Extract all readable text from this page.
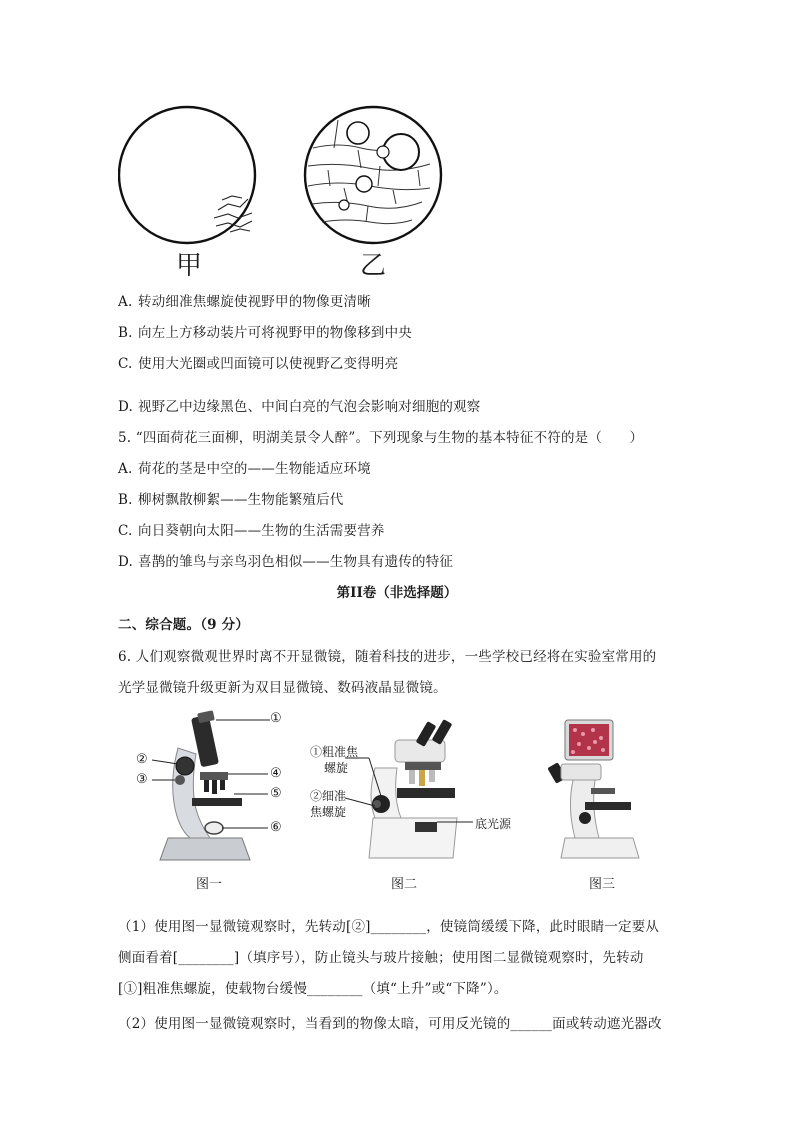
甲	乙
A. 转动细准焦螺旋使视野甲的物像更清晰
B. 向左上方移动装片可将视野甲的物像移到中央
C. 使用大光圈或凹面镜可以使视野乙变得明亮
D. 视野乙中边缘黑色、中间白亮的气泡会影响对细胞的观察
5. “四面荷花三面柳，明湖美景令人醉”。下列现象与生物的基本特征不符的是（　　）
A. 荷花的茎是中空的——生物能适应环境
B. 柳树飘散柳絮——生物能繁殖后代
C. 向日葵朝向太阳——生物的生活需要营养
D. 喜鹊的雏鸟与亲鸟羽色相似——生物具有遗传的特征
第II卷（非选择题）
二、综合题。（9 分）
6. 人们观察微观世界时离不开显微镜，随着科技的进步，一些学校已经将在实验室常用的
光学显微镜升级更新为双目显微镜、数码液晶显微镜。
①
②
③	④
⑤
⑥
图一
①粗准焦
螺旋
②细准
焦螺旋
底光源
图二	图三
（1）使用图一显微镜观察时，先转动[②]________，使镜筒缓缓下降，此时眼睛一定要从
侧面看着[________]（填序号），防止镜头与玻片接触；使用图二显微镜观察时，先转动
[①]粗准焦螺旋，使载物台缓慢________（填“上升”或“下降”）。
（2）使用图一显微镜观察时，当看到的物像太暗，可用反光镜的______面或转动遮光器改
